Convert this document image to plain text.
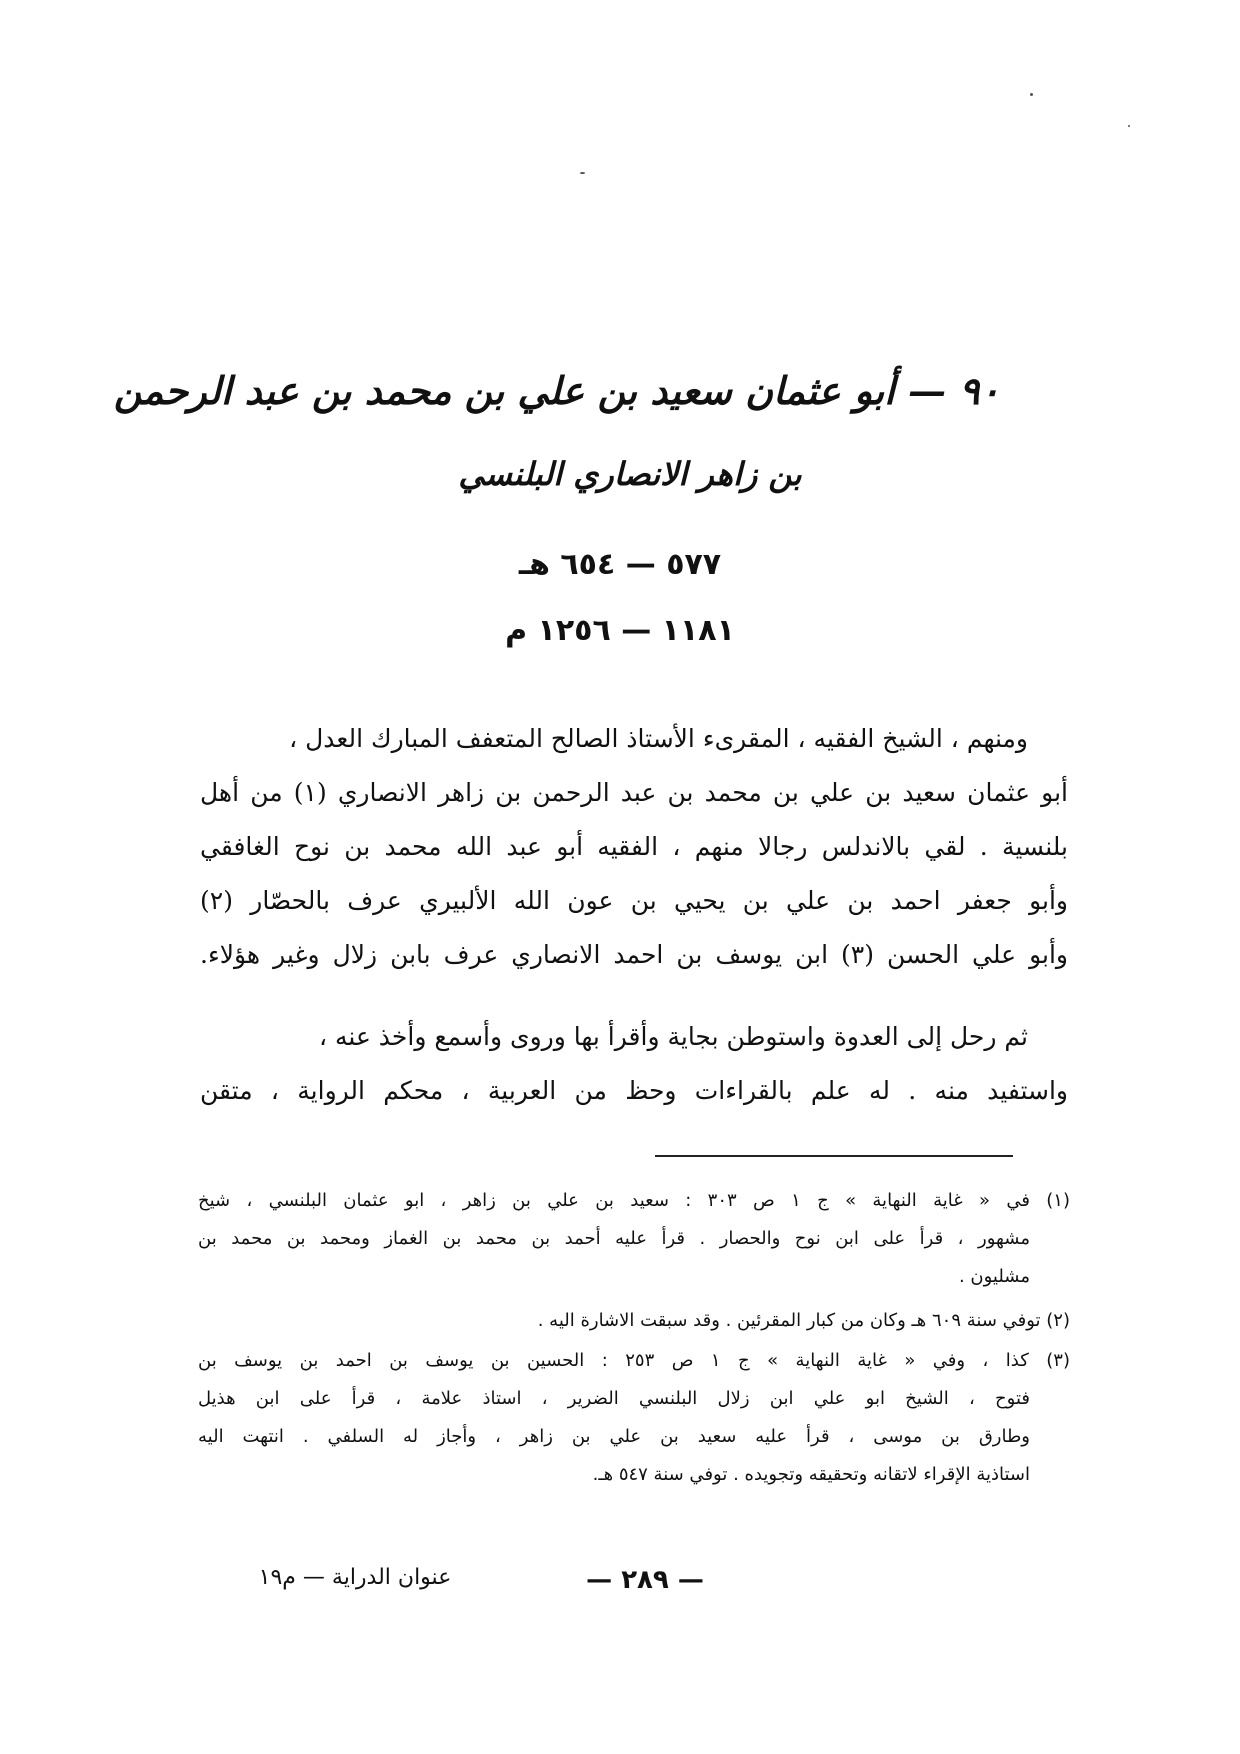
٩٠ — أبو عثمان سعيد بن علي بن محمد بن عبد الرحمن
بن زاهر الانصاري البلنسي
٥٧٧ — ٦٥٤ هـ
١١٨١ — ١٢٥٦ م
ومنهم ، الشيخ الفقيه ، المقرىء الأستاذ الصالح المتعفف المبارك العدل ،
أبو عثمان سعيد بن علي بن محمد بن عبد الرحمن بن زاهر الانصاري (١) من أهل
بلنسية . لقي بالاندلس رجالا منهم ، الفقيه أبو عبد الله محمد بن نوح الغافقي
وأبو جعفر احمد بن علي بن يحيي بن عون الله الألبيري عرف بالحصّار (٢)
وأبو علي الحسن (٣) ابن يوسف بن احمد الانصاري عرف بابن زلال وغير هؤلاء.
ثم رحل إلى العدوة واستوطن بجاية وأقرأ بها وروى وأسمع وأخذ عنه ،
واستفيد منه . له علم بالقراءات وحظ من العربية ، محكم الرواية ، متقن
(١) في « غاية النهاية » ج ١ ص ٣٠٣ : سعيد بن علي بن زاهر ، ابو عثمان البلنسي ، شيخ
مشهور ، قرأ على ابن نوح والحصار . قرأ عليه أحمد بن محمد بن الغماز ومحمد بن محمد بن
مشليون .
(٢) توفي سنة ٦٠٩ هـ وكان من كبار المقرئين . وقد سبقت الاشارة اليه .
(٣) كذا ، وفي « غاية النهاية » ج ١ ص ٢٥٣ : الحسين بن يوسف بن احمد بن يوسف بن
فتوح ، الشيخ ابو علي ابن زلال البلنسي الضرير ، استاذ علامة ، قرأ على ابن هذيل
وطارق بن موسى ، قرأ عليه سعيد بن علي بن زاهر ، وأجاز له السلفي . انتهت اليه
استاذية الإقراء لاتقانه وتحقيقه وتجويده . توفي سنة ٥٤٧ هـ.
— ٢٨٩ —
عنوان الدراية — م١٩
